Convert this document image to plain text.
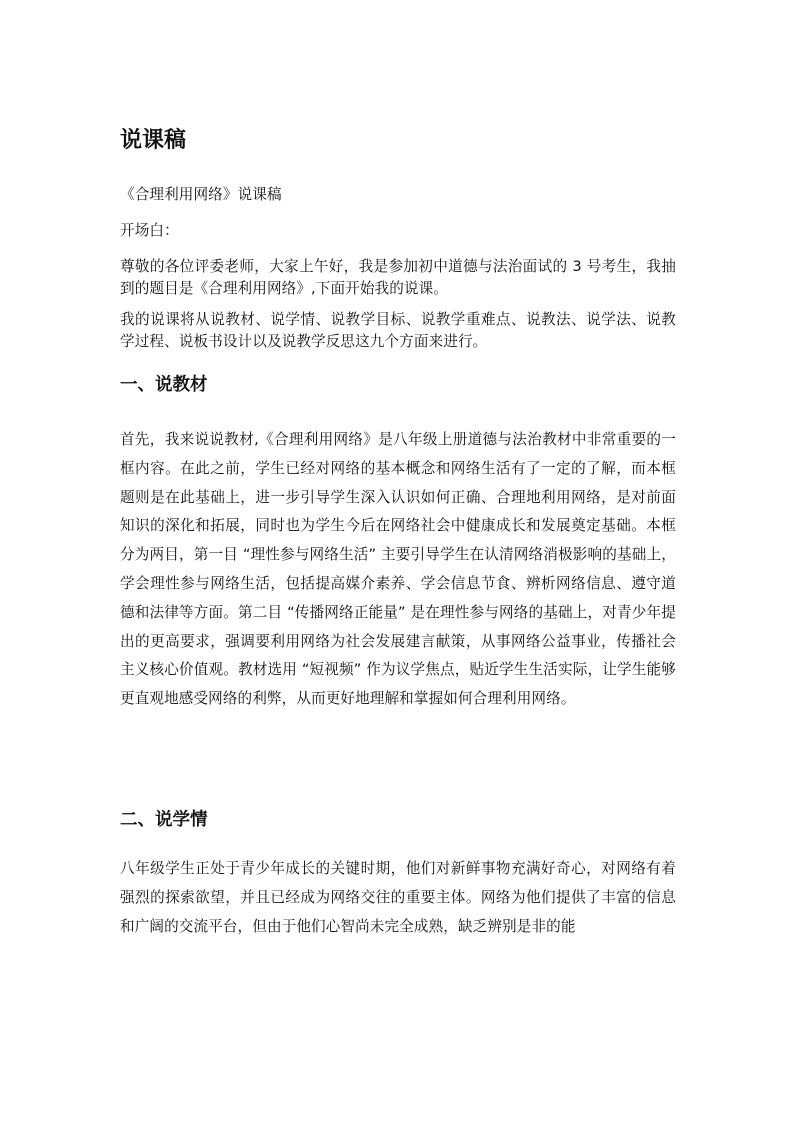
说课稿

《合理利用网络》说课稿

开场白：

尊敬的各位评委老师，大家上午好，我是参加初中道德与法治面试的 3 号考生，我抽到的题目是《合理利用网络》,下面开始我的说课。

我的说课将从说教材、说学情、说教学目标、说教学重难点、说教法、说学法、说教学过程、说板书设计以及说教学反思这九个方面来进行。

一、说教材

首先，我来说说教材,《合理利用网络》是八年级上册道德与法治教材中非常重要的一框内容。在此之前，学生已经对网络的基本概念和网络生活有了一定的了解，而本框题则是在此基础上，进一步引导学生深入认识如何正确、合理地利用网络，是对前面知识的深化和拓展，同时也为学生今后在网络社会中健康成长和发展奠定基础。本框分为两目，第一目 “理性参与网络生活” 主要引导学生在认清网络消极影响的基础上，学会理性参与网络生活，包括提高媒介素养、学会信息节食、辨析网络信息、遵守道德和法律等方面。第二目 “传播网络正能量” 是在理性参与网络的基础上，对青少年提出的更高要求，强调要利用网络为社会发展建言献策，从事网络公益事业，传播社会主义核心价值观。教材选用 “短视频” 作为议学焦点，贴近学生生活实际，让学生能够更直观地感受网络的利弊，从而更好地理解和掌握如何合理利用网络。

二、说学情

八年级学生正处于青少年成长的关键时期，他们对新鲜事物充满好奇心，对网络有着强烈的探索欲望，并且已经成为网络交往的重要主体。网络为他们提供了丰富的信息和广阔的交流平台，但由于他们心智尚未完全成熟，缺乏辨别是非的能
